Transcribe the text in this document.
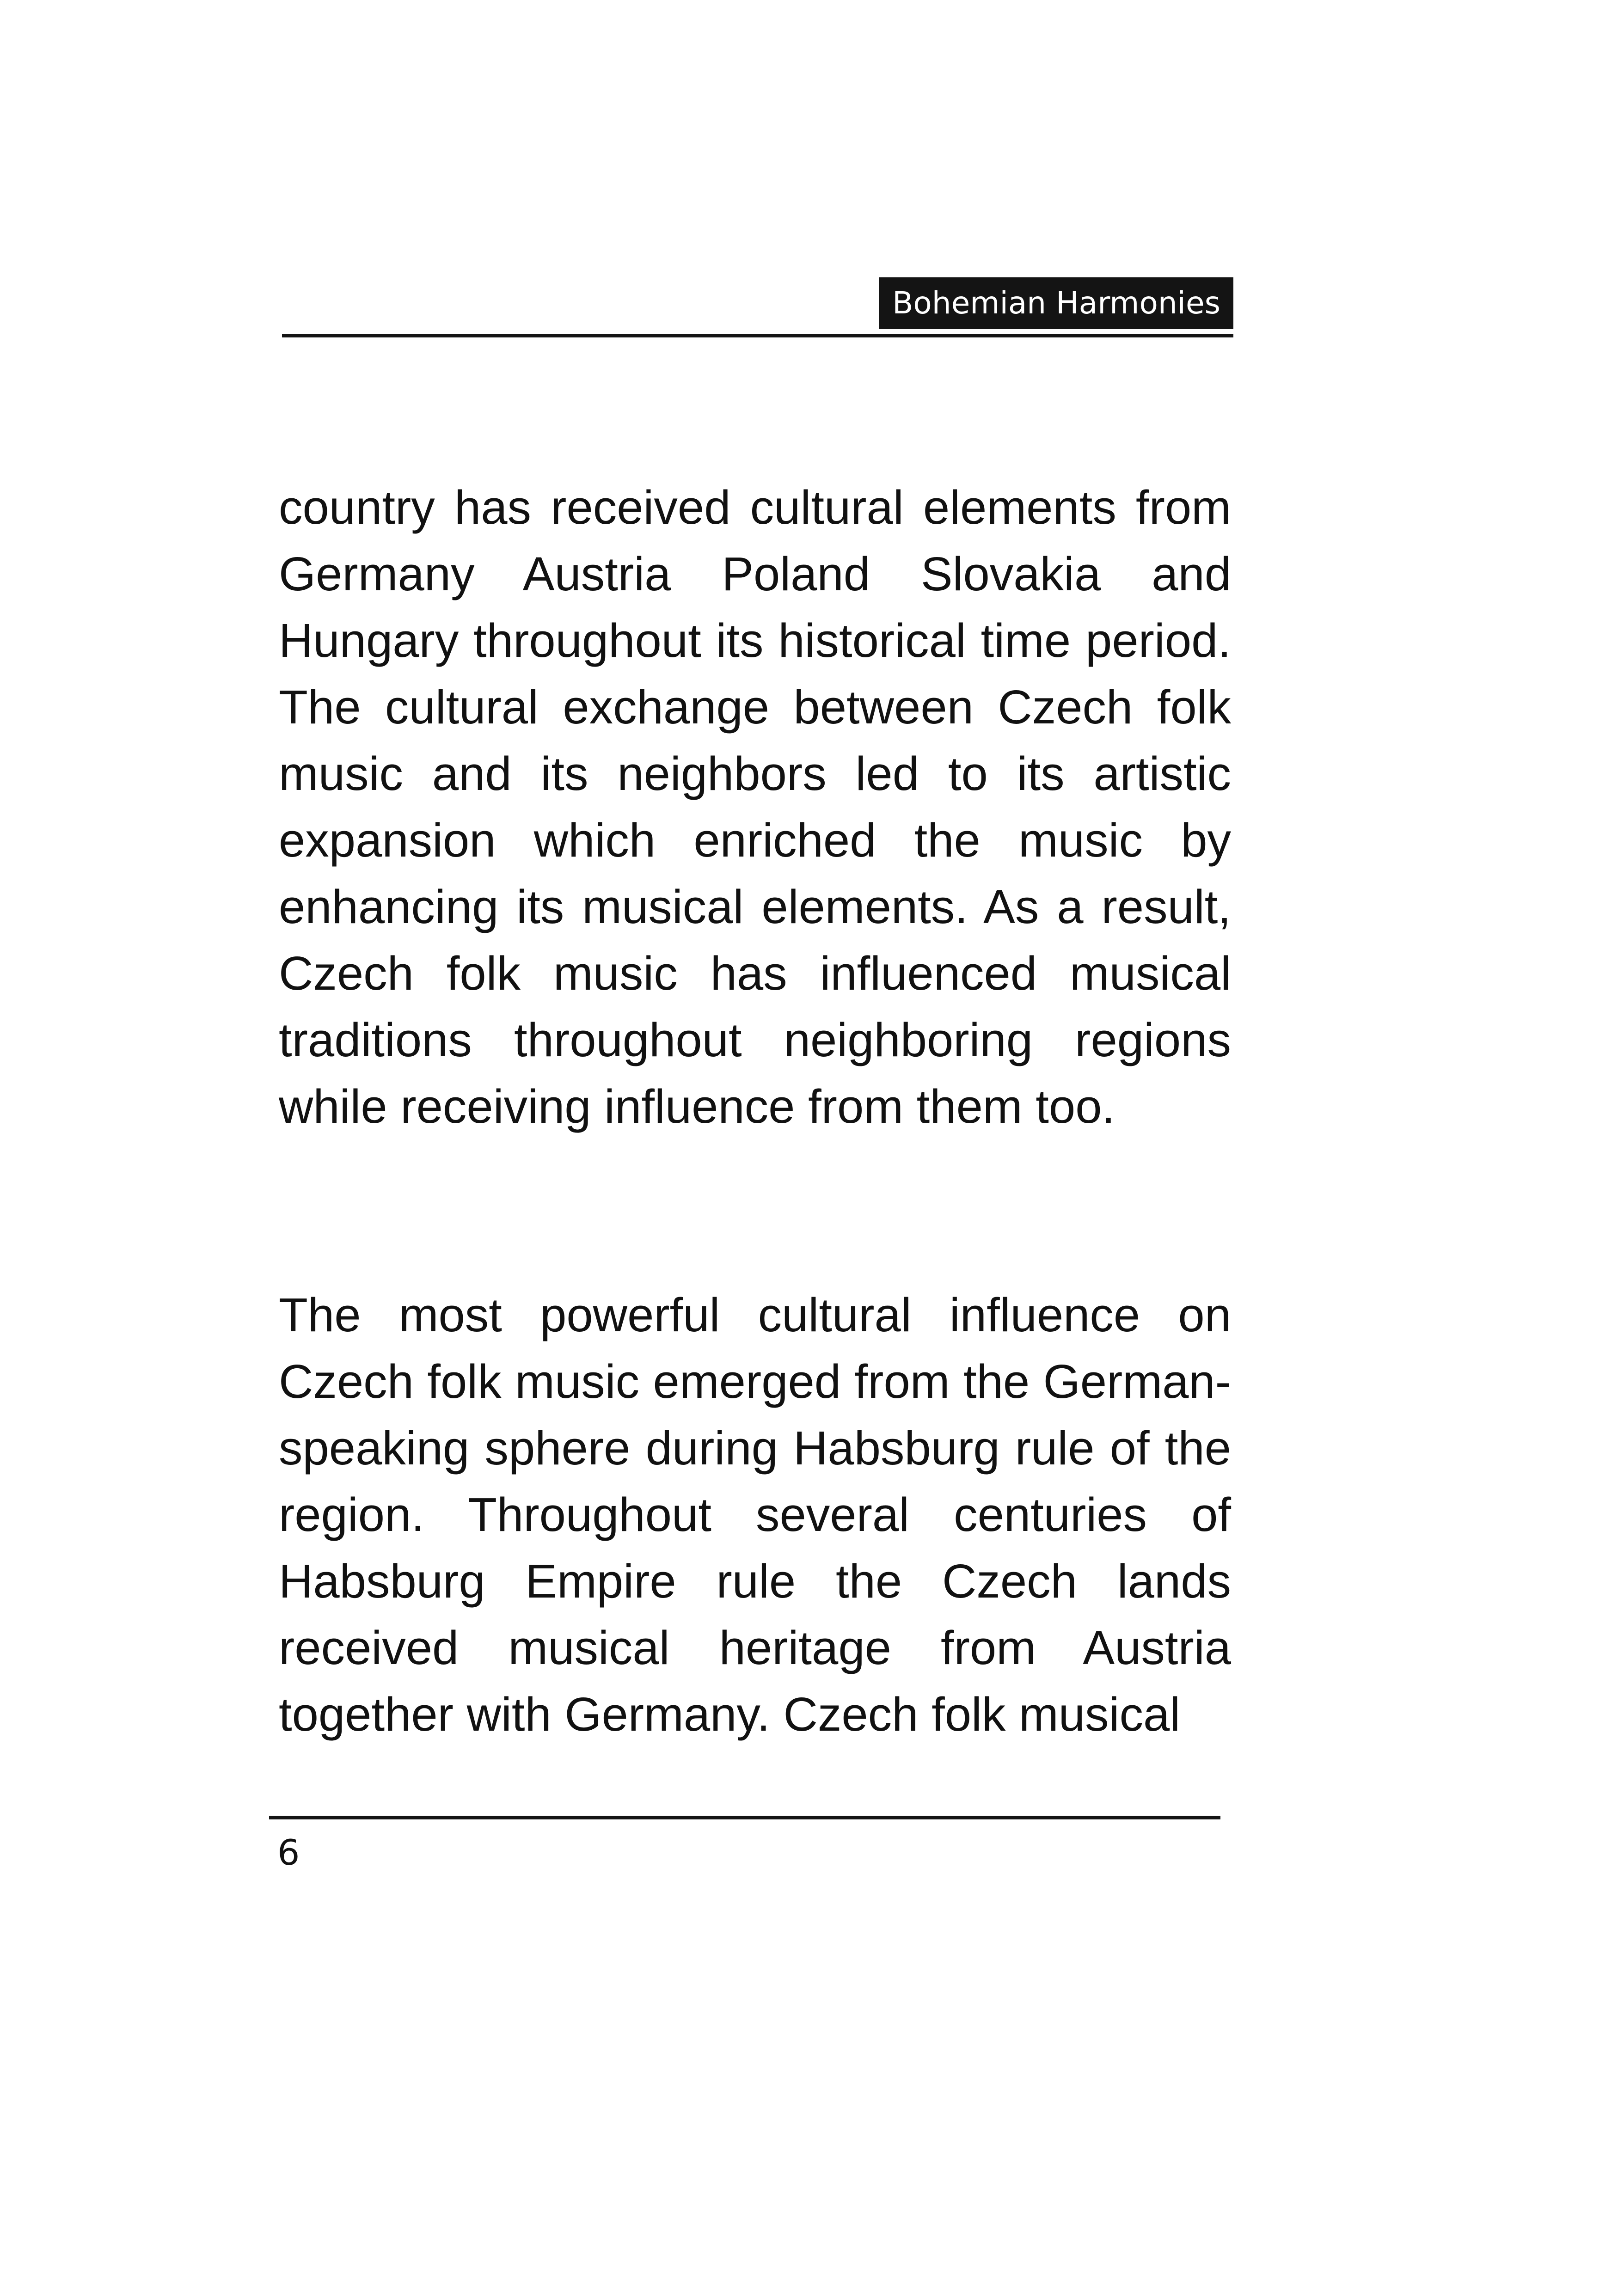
Bohemian Harmonies

country has received cultural elements from Germany Austria Poland Slovakia and Hungary throughout its historical time period. The cultural exchange between Czech folk music and its neighbors led to its artistic expansion which enriched the music by enhancing its musical elements. As a result, Czech folk music has influenced musical traditions throughout neighboring regions while receiving influence from them too.

The most powerful cultural influence on Czech folk music emerged from the German-speaking sphere during Habsburg rule of the region. Throughout several centuries of Habsburg Empire rule the Czech lands received musical heritage from Austria together with Germany. Czech folk musical

6
